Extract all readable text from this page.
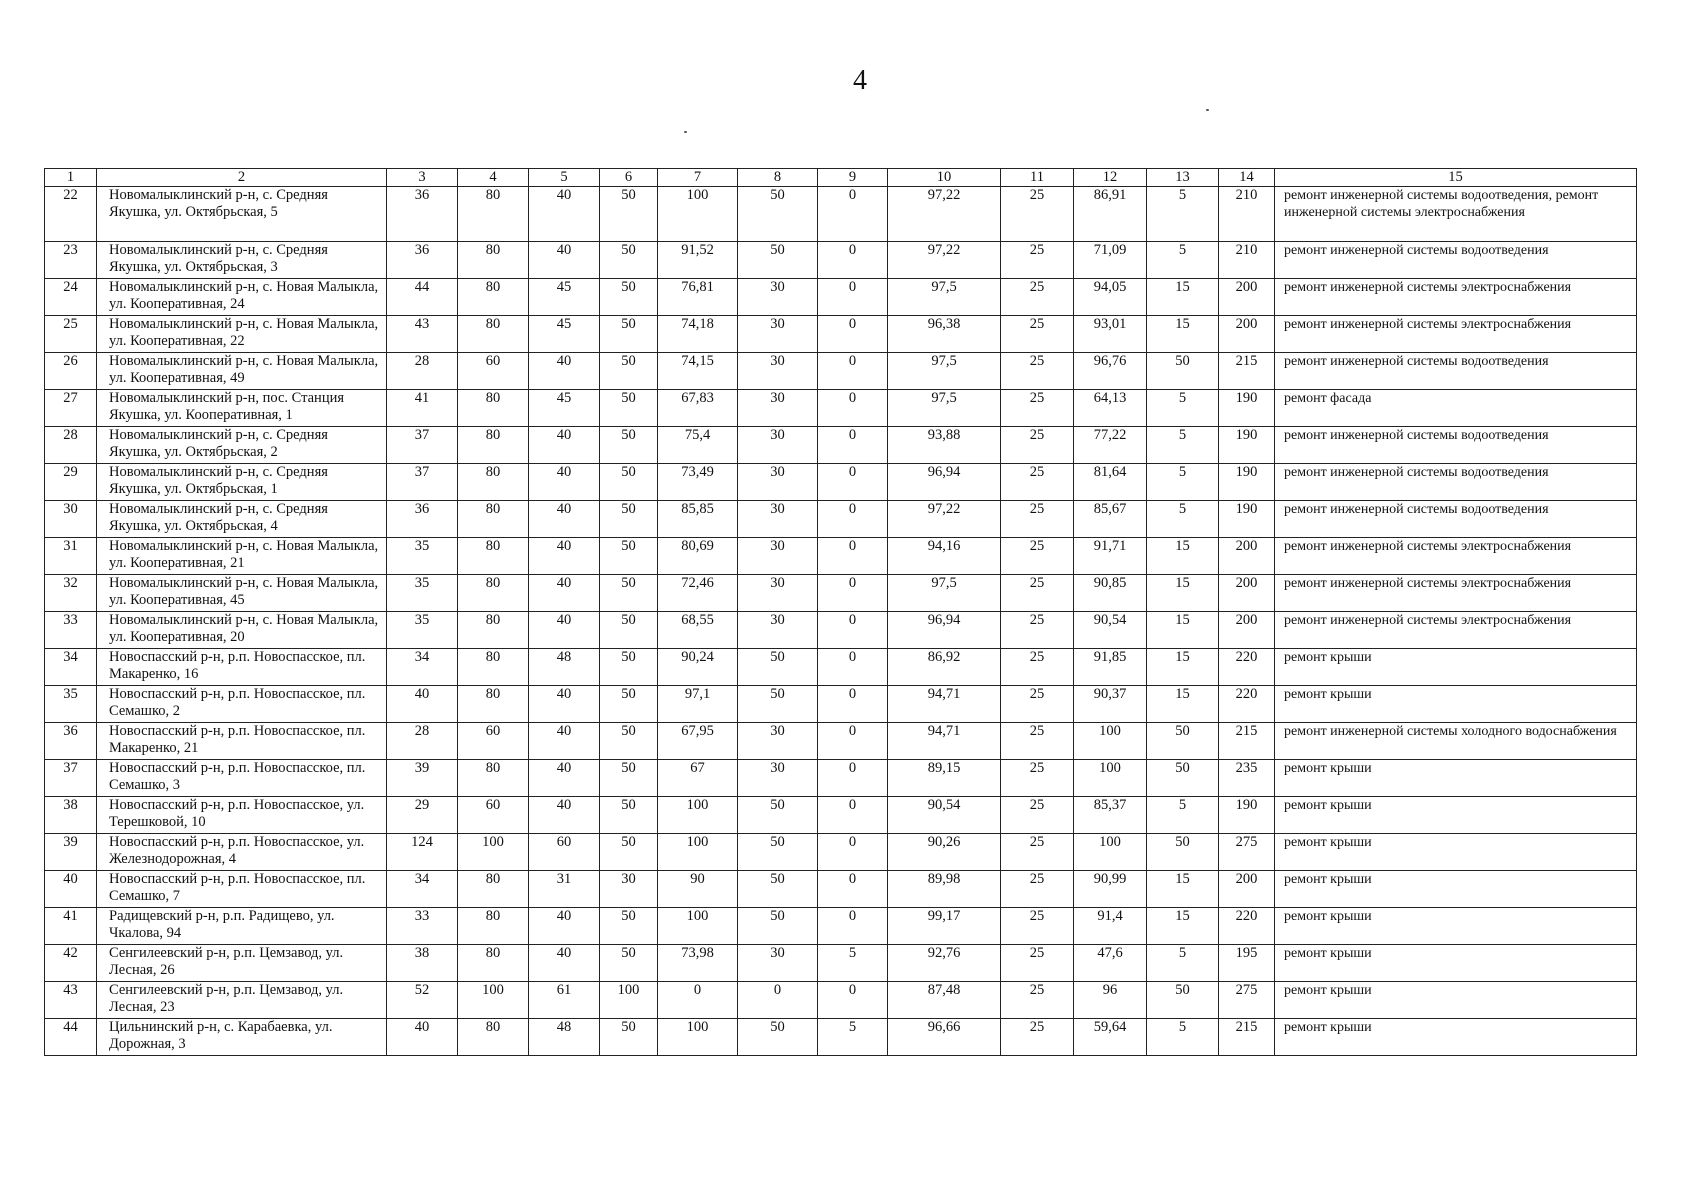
4
1	2	3	4	5	6	7	8	9	10	11	12	13	14	15
22	Новомалыклинский р-н, с. Средняя Якушка, ул. Октябрьская, 5	36	80	40	50	100	50	0	97,22	25	86,91	5	210	ремонт инженерной системы водоотведения, ремонт инженерной системы электроснабжения
23	Новомалыклинский р-н, с. Средняя Якушка, ул. Октябрьская, 3	36	80	40	50	91,52	50	0	97,22	25	71,09	5	210	ремонт инженерной системы водоотведения
24	Новомалыклинский р-н, с. Новая Малыкла, ул. Кооперативная, 24	44	80	45	50	76,81	30	0	97,5	25	94,05	15	200	ремонт инженерной системы электроснабжения
25	Новомалыклинский р-н, с. Новая Малыкла, ул. Кооперативная, 22	43	80	45	50	74,18	30	0	96,38	25	93,01	15	200	ремонт инженерной системы электроснабжения
26	Новомалыклинский р-н, с. Новая Малыкла, ул. Кооперативная, 49	28	60	40	50	74,15	30	0	97,5	25	96,76	50	215	ремонт инженерной системы водоотведения
27	Новомалыклинский р-н, пос. Станция Якушка, ул. Кооперативная, 1	41	80	45	50	67,83	30	0	97,5	25	64,13	5	190	ремонт фасада
28	Новомалыклинский р-н, с. Средняя Якушка, ул. Октябрьская, 2	37	80	40	50	75,4	30	0	93,88	25	77,22	5	190	ремонт инженерной системы водоотведения
29	Новомалыклинский р-н, с. Средняя Якушка, ул. Октябрьская, 1	37	80	40	50	73,49	30	0	96,94	25	81,64	5	190	ремонт инженерной системы водоотведения
30	Новомалыклинский р-н, с. Средняя Якушка, ул. Октябрьская, 4	36	80	40	50	85,85	30	0	97,22	25	85,67	5	190	ремонт инженерной системы водоотведения
31	Новомалыклинский р-н, с. Новая Малыкла, ул. Кооперативная, 21	35	80	40	50	80,69	30	0	94,16	25	91,71	15	200	ремонт инженерной системы электроснабжения
32	Новомалыклинский р-н, с. Новая Малыкла, ул. Кооперативная, 45	35	80	40	50	72,46	30	0	97,5	25	90,85	15	200	ремонт инженерной системы электроснабжения
33	Новомалыклинский р-н, с. Новая Малыкла, ул. Кооперативная, 20	35	80	40	50	68,55	30	0	96,94	25	90,54	15	200	ремонт инженерной системы электроснабжения
34	Новоспасский р-н, р.п. Новоспасское, пл. Макаренко, 16	34	80	48	50	90,24	50	0	86,92	25	91,85	15	220	ремонт крыши
35	Новоспасский р-н, р.п. Новоспасское, пл. Семашко, 2	40	80	40	50	97,1	50	0	94,71	25	90,37	15	220	ремонт крыши
36	Новоспасский р-н, р.п. Новоспасское, пл. Макаренко, 21	28	60	40	50	67,95	30	0	94,71	25	100	50	215	ремонт инженерной системы холодного водоснабжения
37	Новоспасский р-н, р.п. Новоспасское, пл. Семашко, 3	39	80	40	50	67	30	0	89,15	25	100	50	235	ремонт крыши
38	Новоспасский р-н, р.п. Новоспасское, ул. Терешковой, 10	29	60	40	50	100	50	0	90,54	25	85,37	5	190	ремонт крыши
39	Новоспасский р-н, р.п. Новоспасское, ул. Железнодорожная, 4	124	100	60	50	100	50	0	90,26	25	100	50	275	ремонт крыши
40	Новоспасский р-н, р.п. Новоспасское, пл. Семашко, 7	34	80	31	30	90	50	0	89,98	25	90,99	15	200	ремонт крыши
41	Радищевский р-н, р.п. Радищево, ул. Чкалова, 94	33	80	40	50	100	50	0	99,17	25	91,4	15	220	ремонт крыши
42	Сенгилеевский р-н, р.п. Цемзавод, ул. Лесная, 26	38	80	40	50	73,98	30	5	92,76	25	47,6	5	195	ремонт крыши
43	Сенгилеевский р-н, р.п. Цемзавод, ул. Лесная, 23	52	100	61	100	0	0	0	87,48	25	96	50	275	ремонт крыши
44	Цильнинский р-н, с. Карабаевка, ул. Дорожная, 3	40	80	48	50	100	50	5	96,66	25	59,64	5	215	ремонт крыши
